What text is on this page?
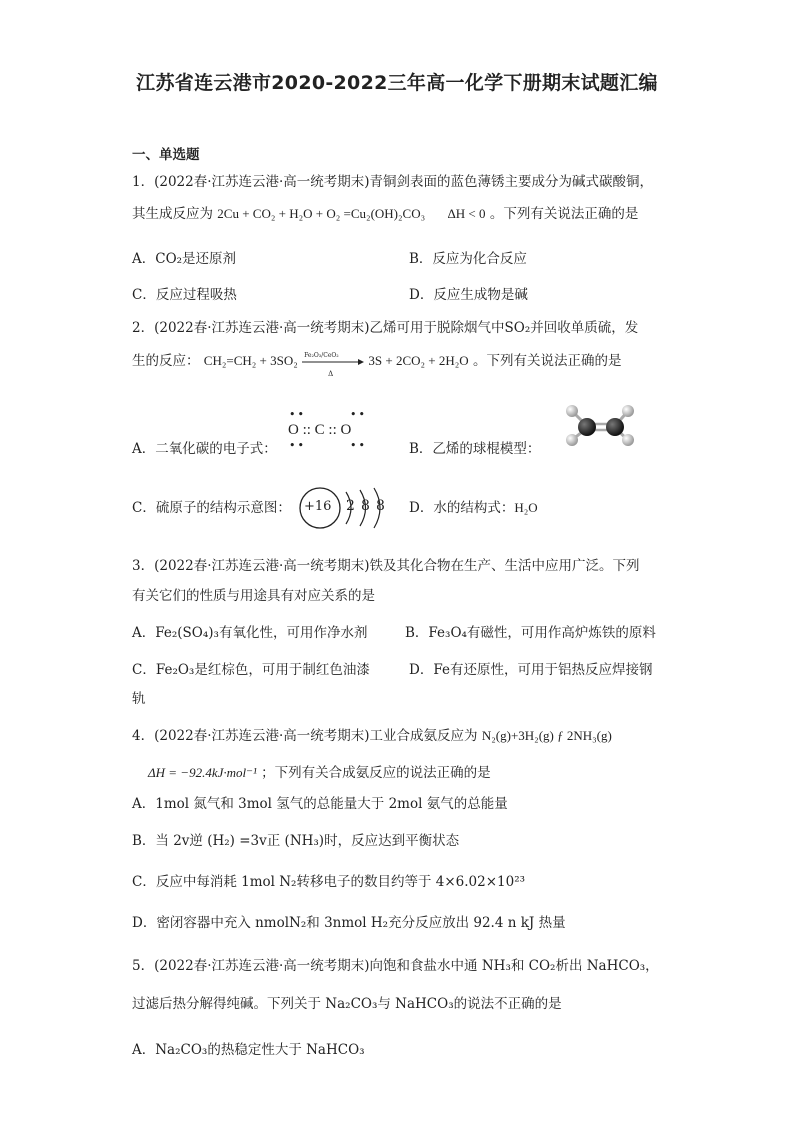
江苏省连云港市2020-2022三年高一化学下册期末试题汇编
一、单选题
1．(2022春·江苏连云港·高一统考期末)青铜剑表面的蓝色薄锈主要成分为碱式碳酸铜，
其生成反应为 2Cu + CO₂ + H₂O + O₂ =Cu₂(OH)₂CO₃ ΔH < 0 。下列有关说法正确的是
A．CO₂是还原剂	B．反应为化合反应
C．反应过程吸热	D．反应生成物是碱
2．(2022春·江苏连云港·高一统考期末)乙烯可用于脱除烟气中SO₂并回收单质硫，发
生的反应： CH₂=CH₂ + 3SO₂ Fe₂O₃/CeO₂
Δ
3S + 2CO₂ + 2H₂O 。下列有关说法正确的是
A．二氧化碳的电子式：
••        ••
O :: C :: O
••        ••	B．乙烯的球棍模型：
C．硫原子的结构示意图： +16 2 8 8 D．水的结构式：H₂O
3．(2022春·江苏连云港·高一统考期末)铁及其化合物在生产、生活中应用广泛。下列
有关它们的性质与用途具有对应关系的是
A．Fe₂(SO₄)₃有氧化性，可用作净水剂	B．Fe₃O₄有磁性，可用作高炉炼铁的原料
C．Fe₂O₃是红棕色，可用于制红色油漆	D．Fe有还原性，可用于铝热反应焊接钢
轨
4．(2022春·江苏连云港·高一统考期末)工业合成氨反应为 N₂(g)+3H₂(g) ƒ 2NH₃(g)
ΔH = −92.4kJ·mol⁻¹ ；下列有关合成氨反应的说法正确的是
A．1mol 氮气和 3mol 氢气的总能量大于 2mol 氨气的总能量
B．当 2v逆 (H₂) =3v正 (NH₃)时，反应达到平衡状态
C．反应中每消耗 1mol N₂转移电子的数目约等于 4×6.02×10²³
D．密闭容器中充入 nmolN₂和 3nmol H₂充分反应放出 92.4 n kJ 热量
5．(2022春·江苏连云港·高一统考期末)向饱和食盐水中通 NH₃和 CO₂析出 NaHCO₃，
过滤后热分解得纯碱。下列关于 Na₂CO₃与 NaHCO₃的说法不正确的是
A．Na₂CO₃的热稳定性大于 NaHCO₃
